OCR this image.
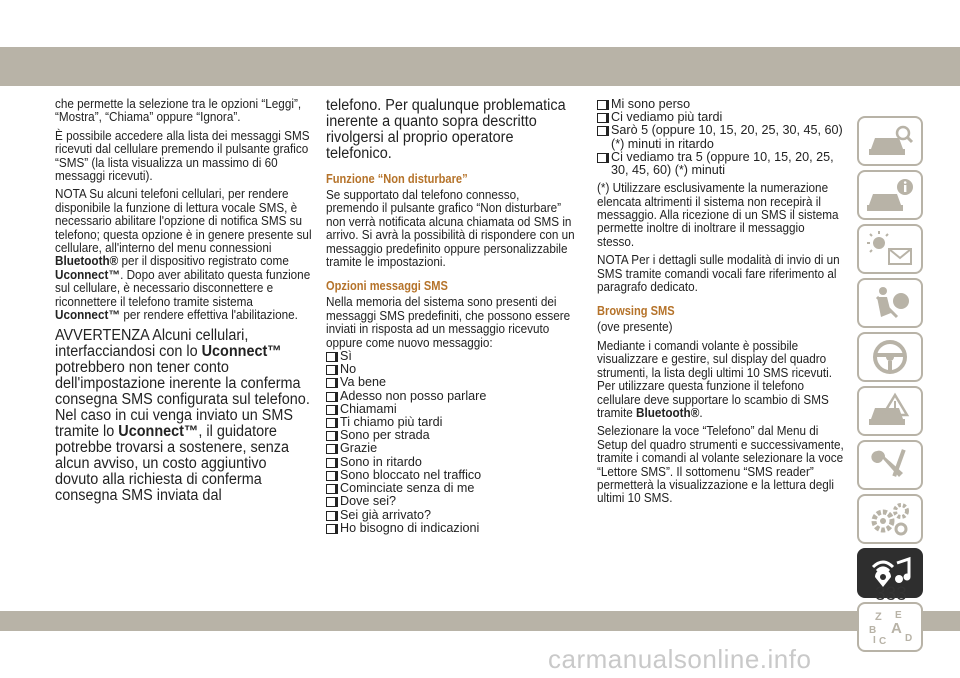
che permette la selezione tra le opzioni “Leggi”, “Mostra”, “Chiama” oppure “Ignora”.

È possibile accedere alla lista dei messaggi SMS ricevuti dal cellulare premendo il pulsante grafico “SMS” (la lista visualizza un massimo di 60 messaggi ricevuti).

NOTA Su alcuni telefoni cellulari, per rendere disponibile la funzione di lettura vocale SMS, è necessario abilitare l'opzione di notifica SMS su telefono; questa opzione è in genere presente sul cellulare, all'interno del menu connessioni Bluetooth® per il dispositivo registrato come Uconnect™. Dopo aver abilitato questa funzione sul cellulare, è necessario disconnettere e riconnettere il telefono tramite sistema Uconnect™ per rendere effettiva l'abilitazione.

AVVERTENZA Alcuni cellulari, interfacciandosi con lo Uconnect™ potrebbero non tener conto dell'impostazione inerente la conferma consegna SMS configurata sul telefono. Nel caso in cui venga inviato un SMS tramite lo Uconnect™, il guidatore potrebbe trovarsi a sostenere, senza alcun avviso, un costo aggiuntivo dovuto alla richiesta di conferma consegna SMS inviata dal

telefono. Per qualunque problematica inerente a quanto sopra descritto rivolgersi al proprio operatore telefonico.

Funzione “Non disturbare”

Se supportato dal telefono connesso, premendo il pulsante grafico “Non disturbare” non verrà notificata alcuna chiamata od SMS in arrivo. Si avrà la possibilità di rispondere con un messaggio predefinito oppure personalizzabile tramite le impostazioni.

Opzioni messaggi SMS

Nella memoria del sistema sono presenti dei messaggi SMS predefiniti, che possono essere inviati in risposta ad un messaggio ricevuto oppure come nuovo messaggio:

Sì
No
Va bene
Adesso non posso parlare
Chiamami
Ti chiamo più tardi
Sono per strada
Grazie
Sono in ritardo
Sono bloccato nel traffico
Cominciate senza di me
Dove sei?
Sei già arrivato?
Ho bisogno di indicazioni
Mi sono perso
Ci vediamo più tardi
Sarò 5 (oppure 10, 15, 20, 25, 30, 45, 60) (*) minuti in ritardo
Ci vediamo tra 5 (oppure 10, 15, 20, 25, 30, 45, 60) (*) minuti

(*) Utilizzare esclusivamente la numerazione elencata altrimenti il sistema non recepirà il messaggio. Alla ricezione di un SMS il sistema permette inoltre di inoltrare il messaggio stesso.

NOTA Per i dettagli sulle modalità di invio di un SMS tramite comandi vocali fare riferimento al paragrafo dedicato.

Browsing SMS

(ove presente)

Mediante i comandi volante è possibile visualizzare e gestire, sul display del quadro strumenti, la lista degli ultimi 10 SMS ricevuti. Per utilizzare questa funzione il telefono cellulare deve supportare lo scambio di SMS tramite Bluetooth®.

Selezionare la voce “Telefono” dal Menu di Setup del quadro strumenti e successivamente, tramite i comandi al volante selezionare la voce “Lettore SMS”. Il sottomenu “SMS reader” permetterà la visualizzazione e la lettura degli ultimi 10 SMS.

Z E
A
B
C
I	D
333
carmanualsonline.info
